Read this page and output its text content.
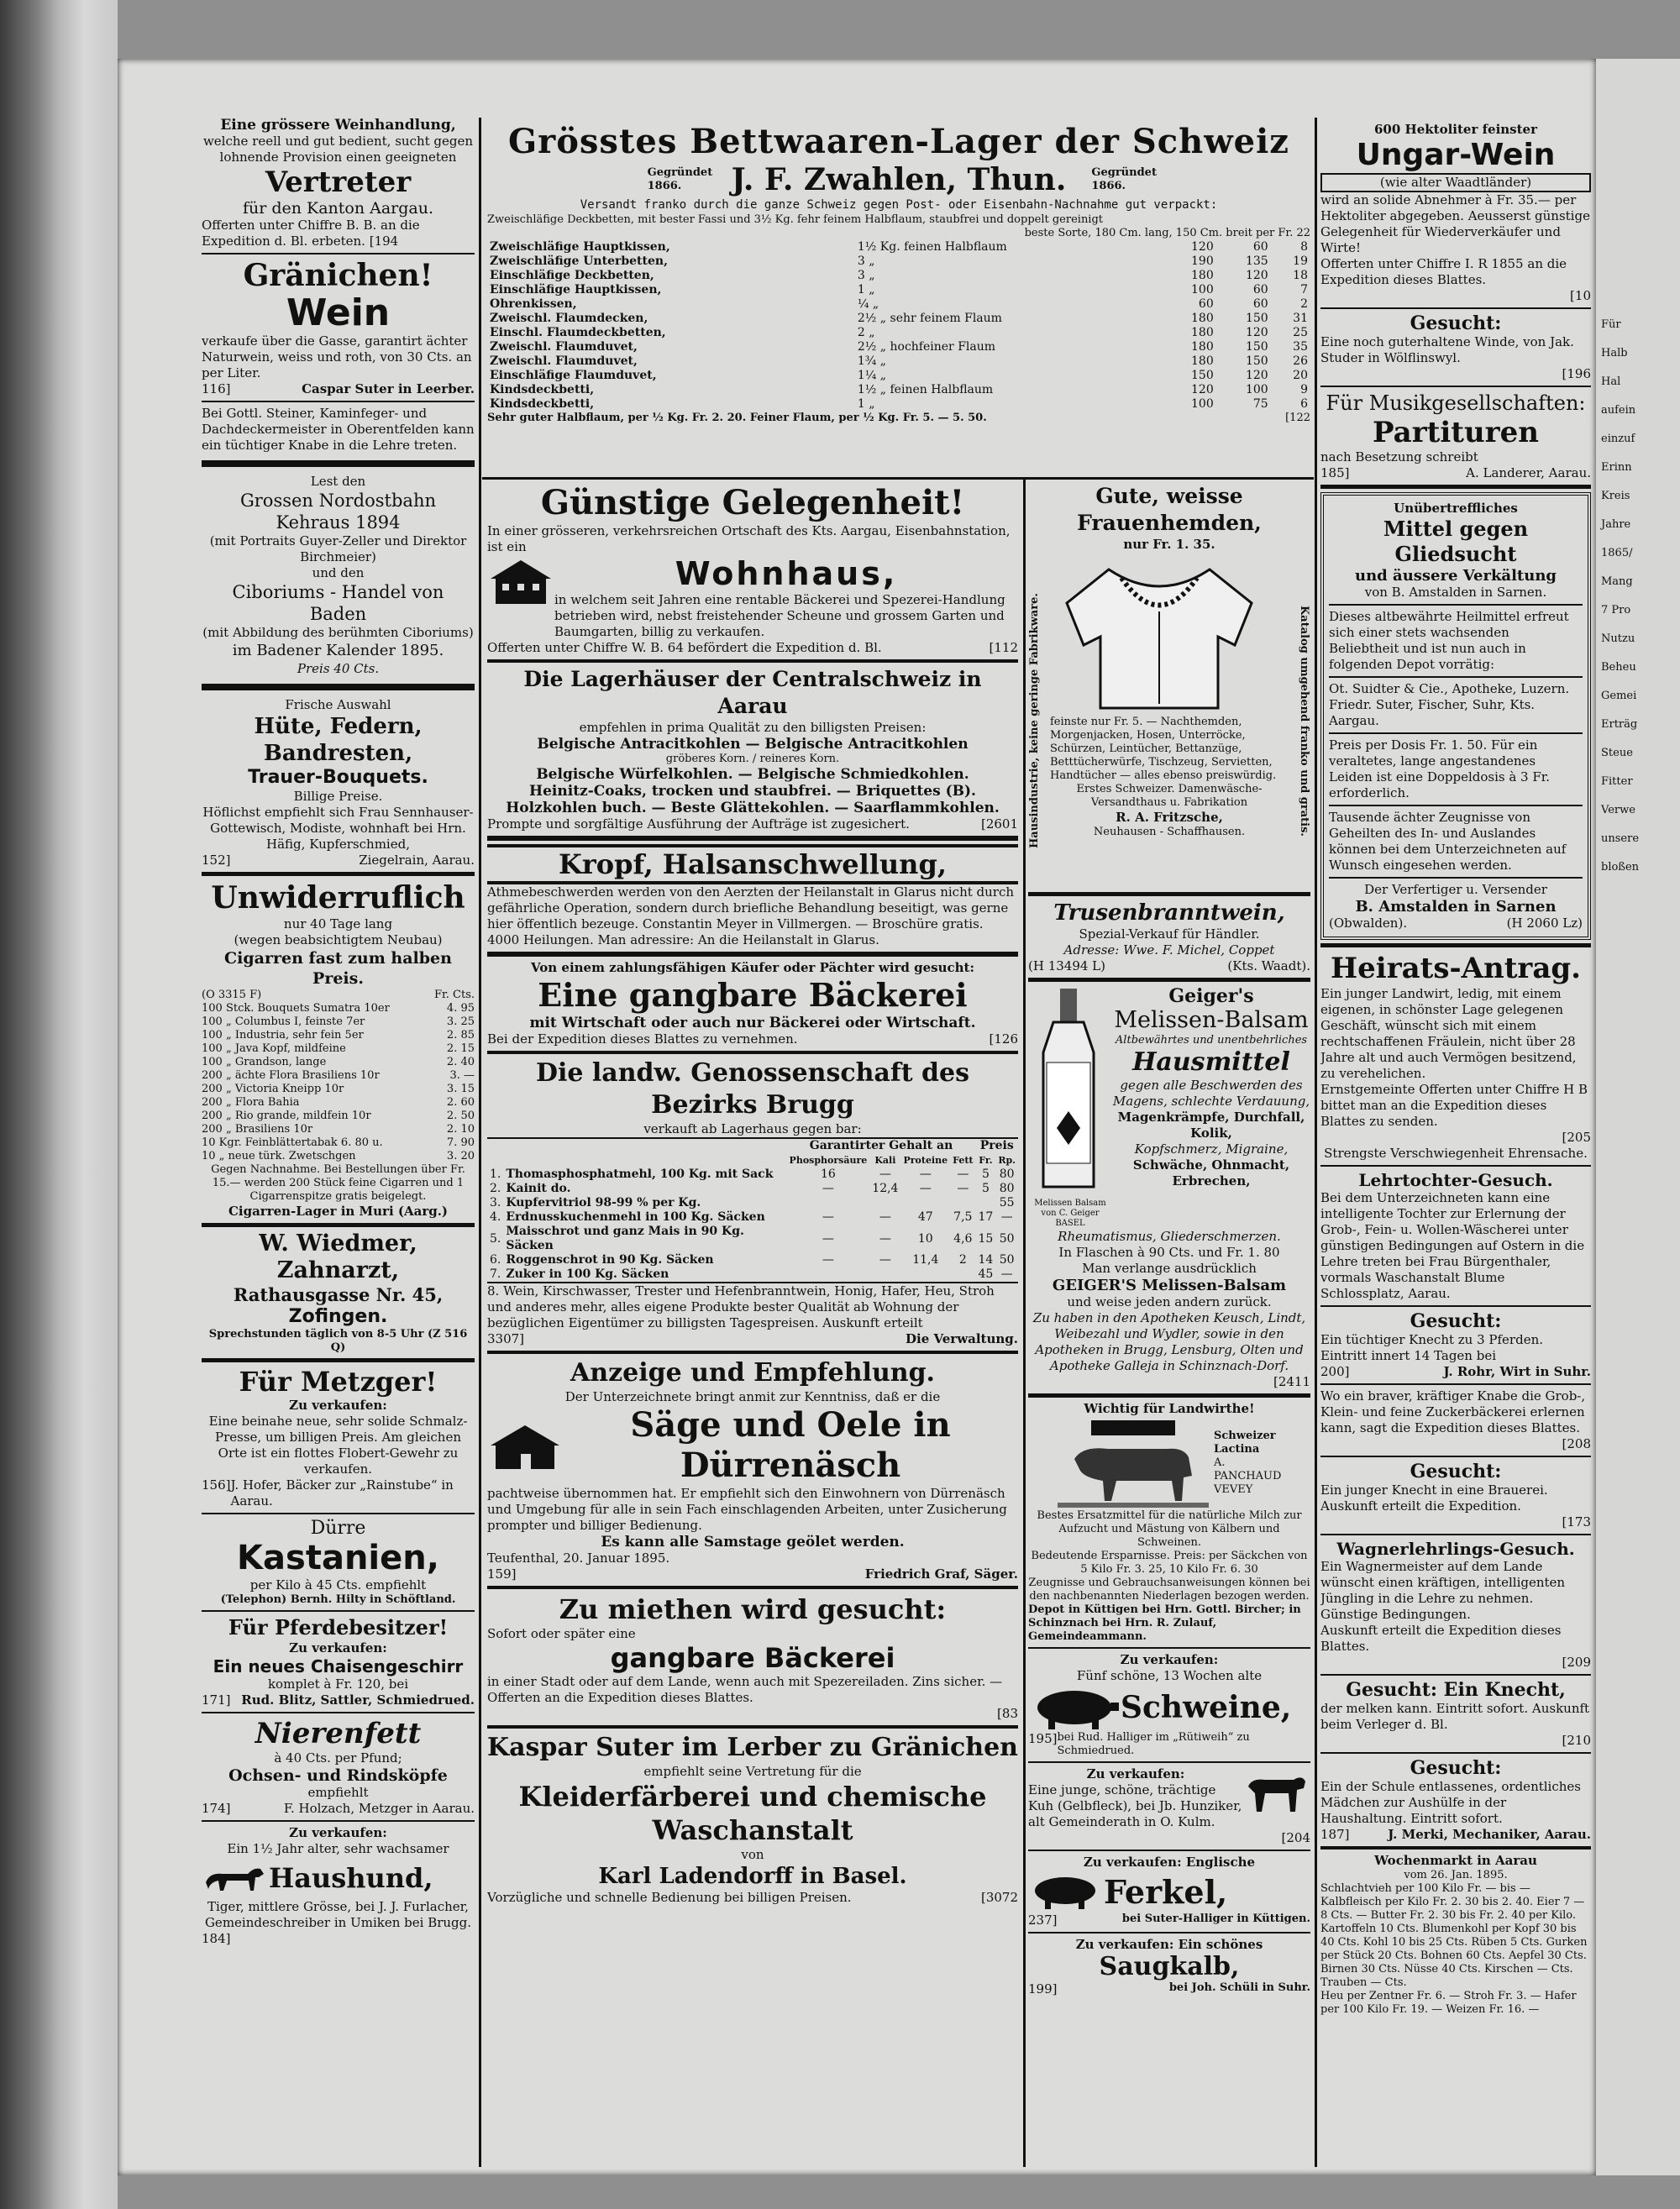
Für
Halb
Hal
aufein
einzuf
Erinn
Kreis
Jahre
1865/
Mang
7 Pro
Nutzu
Beheu
Gemei
Erträg
Steue
Fitter
Verwe
unsere
bloßen
Eine grössere Weinhandlung,
welche reell und gut bedient, sucht gegen lohnende Provision einen geeigneten
Vertreter
für den Kanton Aargau.
Offerten unter Chiffre B. B. an die Expedition d. Bl. erbeten. [194
Gränichen!
Wein
verkaufe über die Gasse, garantirt ächter Naturwein, weiss und roth, von 30 Cts. an per Liter.
116]	Caspar Suter in Leerber.
Bei Gottl. Steiner, Kaminfeger- und Dachdeckermeister in Oberentfelden kann ein tüchtiger Knabe in die Lehre treten.
Lest den
Grossen Nordostbahn Kehraus 1894
(mit Portraits Guyer-Zeller und Direktor Birchmeier)
und den
Ciboriums - Handel von Baden
(mit Abbildung des berühmten Ciboriums)
im Badener Kalender 1895.
Preis 40 Cts.
Frische Auswahl
Hüte, Federn, Bandresten,
Trauer-Bouquets.
Billige Preise.
Höflichst empfiehlt sich Frau Sennhauser-Gottewisch, Modiste, wohnhaft bei Hrn. Häfig, Kupferschmied,
152]	Ziegelrain, Aarau.
Unwiderruflich
nur 40 Tage lang
(wegen beabsichtigtem Neubau)
Cigarren fast zum halben Preis.
(O 3315 F)	Fr. Cts.
100 Stck. Bouquets Sumatra 10er	4. 95
100 „ Columbus I, feinste 7er	3. 25
100 „ Industria, sehr fein 5er	2. 85
100 „ Java Kopf, mildfeine	2. 15
100 „ Grandson, lange	2. 40
200 „ ächte Flora Brasiliens 10r	3. —
200 „ Victoria Kneipp 10r	3. 15
200 „ Flora Bahia	2. 60
200 „ Rio grande, mildfein 10r	2. 50
200 „ Brasiliens 10r	2. 10
10 Kgr. Feinblättertabak 6. 80 u.	7. 90
10 „ neue türk. Zwetschgen	3. 20
Gegen Nachnahme. Bei Bestellungen über Fr. 15.— werden 200 Stück feine Cigarren und 1 Cigarrenspitze gratis beigelegt.
Cigarren-Lager in Muri (Aarg.)
W. Wiedmer, Zahnarzt,
Rathausgasse Nr. 45,
Zofingen.
Sprechstunden täglich von 8-5 Uhr (Z 516 Q)
Für Metzger!
Zu verkaufen:
Eine beinahe neue, sehr solide Schmalz-Presse, um billigen Preis. Am gleichen Orte ist ein flottes Flobert-Gewehr zu verkaufen.
156] J. Hofer, Bäcker zur „Rainstube“ in Aarau.
Dürre
Kastanien,
per Kilo à 45 Cts. empfiehlt
(Telephon) Bernh. Hilty in Schöftland.
Für Pferdebesitzer!
Zu verkaufen:
Ein neues Chaisengeschirr
komplet à Fr. 120, bei
171] Rud. Blitz, Sattler, Schmiedrued.
Nierenfett
à 40 Cts. per Pfund;
Ochsen- und Rindsköpfe
empfiehlt
174]	F. Holzach, Metzger in Aarau.
Zu verkaufen:
Ein 1½ Jahr alter, sehr wachsamer
Haushund,
Tiger, mittlere Grösse, bei J. J. Furlacher, Gemeindeschreiber in Umiken bei Brugg.
184]
Grösstes Bettwaaren-Lager der Schweiz
Gegründet 1866.	J. F. Zwahlen, Thun. Gegründet 1866.
Versandt franko durch die ganze Schweiz gegen Post- oder Eisenbahn-Nachnahme gut verpackt:
Zweischläfige Deckbetten, mit bester Fassi und 3½ Kg. fehr feinem Halbflaum, staubfrei und doppelt gereinigt
beste Sorte, 180 Cm. lang, 150 Cm. breit per Fr. 22
Zweischläfige Hauptkissen,	1½ Kg. feinen Halbflaum	120	60	8
Zweischläfige Unterbetten,	3 „	190	135	19
Einschläfige Deckbetten,	3 „	180	120	18
Einschläfige Hauptkissen,	1 „	100	60	7
Ohrenkissen,	¼ „	60	60	2
Zweischl. Flaumdecken,	2½ „ sehr feinem Flaum	180	150	31
Einschl. Flaumdeckbetten,	2 „	180	120	25
Zweischl. Flaumduvet,	2½ „ hochfeiner Flaum	180	150	35
Zweischl. Flaumduvet,	1¾ „	180	150	26
Einschläfige Flaumduvet,	1¼ „	150	120	20
Kindsdeckbetti,	1½ „ feinen Halbflaum	120	100	9
Kindsdeckbetti,	1 „	100	75	6
Sehr guter Halbflaum, per ½ Kg. Fr. 2. 20. Feiner Flaum, per ½ Kg. Fr. 5. — 5. 50.	[122
Günstige Gelegenheit!
In einer grösseren, verkehrsreichen Ortschaft des Kts. Aargau, Eisenbahnstation, ist ein
Wohnhaus,
in welchem seit Jahren eine rentable Bäckerei und Spezerei-Handlung betrieben wird, nebst freistehender Scheune und grossem Garten und Baumgarten, billig zu verkaufen.
Offerten unter Chiffre W. B. 64 befördert die Expedition d. Bl.	[112
Die Lagerhäuser der Centralschweiz in Aarau
empfehlen in prima Qualität zu den billigsten Preisen:
Belgische Antracitkohlen — Belgische Antracitkohlen
gröberes Korn. / reineres Korn.
Belgische Würfelkohlen. — Belgische Schmiedkohlen.
Heinitz-Coaks, trocken und staubfrei. — Briquettes (B).
Holzkohlen buch. — Beste Glättekohlen. — Saarflammkohlen.
Prompte und sorgfältige Ausführung der Aufträge ist zugesichert.	[2601
Kropf, Halsanschwellung,
Athmebeschwerden werden von den Aerzten der Heilanstalt in Glarus nicht durch gefährliche Operation, sondern durch briefliche Behandlung beseitigt, was gerne hier öffentlich bezeuge. Constantin Meyer in Villmergen. — Broschüre gratis. 4000 Heilungen. Man adressire: An die Heilanstalt in Glarus.
Von einem zahlungsfähigen Käufer oder Pächter wird gesucht:
Eine gangbare Bäckerei
mit Wirtschaft oder auch nur Bäckerei oder Wirtschaft.
Bei der Expedition dieses Blattes zu vernehmen.	[126
Die landw. Genossenschaft des Bezirks Brugg
verkauft ab Lagerhaus gegen bar:
		Garantirter Gehalt an				Preis	
		Phosphorsäure	Kali	Proteine	Fett	Fr.	Rp.
1.	Thomasphosphatmehl, 100 Kg. mit Sack	16	—	—	—	5	80
2.	Kainit do.	—	12,4	—	—	5	80
3.	Kupfervitriol 98-99 % per Kg.						55
4.	Erdnusskuchenmehl in 100 Kg. Säcken	—	—	47	7,5	17	—
5.	Maisschrot und ganz Mais in 90 Kg. Säcken	—	—	10	4,6	15	50
6.	Roggenschrot in 90 Kg. Säcken	—	—	11,4	2	14	50
7.	Zuker in 100 Kg. Säcken					45	—
8. Wein, Kirschwasser, Trester und Hefenbranntwein, Honig, Hafer, Heu, Stroh und anderes mehr, alles eigene Produkte bester Qualität ab Wohnung der bezüglichen Eigentümer zu billigsten Tagespreisen. Auskunft erteilt
3307]	Die Verwaltung.
Anzeige und Empfehlung.
Der Unterzeichnete bringt anmit zur Kenntniss, daß er die
Säge und Oele in Dürrenäsch
pachtweise übernommen hat. Er empfiehlt sich den Einwohnern von Dürrenäsch und Umgebung für alle in sein Fach einschlagenden Arbeiten, unter Zusicherung prompter und billiger Bedienung.
Es kann alle Samstage geölet werden.
Teufenthal, 20. Januar 1895.
159]	Friedrich Graf, Säger.
Zu miethen wird gesucht:
Sofort oder später eine
gangbare Bäckerei
in einer Stadt oder auf dem Lande, wenn auch mit Spezereiladen. Zins sicher. — Offerten an die Expedition dieses Blattes.
[83
Kaspar Suter im Lerber zu Gränichen
empfiehlt seine Vertretung für die
Kleiderfärberei und chemische Waschanstalt
von
Karl Ladendorff in Basel.
Vorzügliche und schnelle Bedienung bei billigen Preisen.	[3072
Gute, weisse Frauenhemden,
nur Fr. 1. 35.
Hausindustrie, keine geringe Fabrikware. feinste nur Fr. 5. — Nachthemden, Morgenjacken, Hosen, Unterröcke, Schürzen, Leintücher, Bettanzüge, Betttücherwürfe, Tischzeug, Servietten, Handtücher — alles ebenso preiswürdig.
Erstes Schweizer. Damenwäsche-Versandthaus u. Fabrikation
R. A. Fritzsche,
Neuhausen - Schaffhausen.	Katalog umgehend franko und gratis.
Trusenbranntwein,
Spezial-Verkauf für Händler.
Adresse: Wwe. F. Michel, Coppet
(H 13494 L)	(Kts. Waadt).
Melissen Balsam von C. Geiger BASEL
Geiger's
Melissen-Balsam
Altbewährtes und unentbehrliches
Hausmittel
gegen alle Beschwerden des Magens, schlechte Verdauung,
Magenkrämpfe, Durchfall, Kolik,
Kopfschmerz, Migraine,
Schwäche, Ohnmacht,
Erbrechen,
Rheumatismus, Gliederschmerzen.
In Flaschen à 90 Cts. und Fr. 1. 80
Man verlange ausdrücklich
GEIGER'S Melissen-Balsam
und weise jeden andern zurück.
Zu haben in den Apotheken Keusch, Lindt, Weibezahl und Wydler, sowie in den Apotheken in Brugg, Lensburg, Olten und Apotheke Galleja in Schinznach-Dorf.
[2411
Wichtig für Landwirthe!
Schweizer Lactina
A. PANCHAUD VEVEY
Bestes Ersatzmittel für die natürliche Milch zur Aufzucht und Mästung von Kälbern und Schweinen.
Bedeutende Ersparnisse. Preis: per Säckchen von 5 Kilo Fr. 3. 25, 10 Kilo Fr. 6. 30
Zeugnisse und Gebrauchsanweisungen können bei den nachbenannten Niederlagen bezogen werden.
Depot in Küttigen bei Hrn. Gottl. Bircher; in Schinznach bei Hrn. R. Zulauf, Gemeindeammann.
Zu verkaufen:
Fünf schöne, 13 Wochen alte
Schweine,
195] bei Rud. Halliger im „Rütiweih“ zu Schmiedrued.
Zu verkaufen:
Eine junge, schöne, trächtige Kuh (Gelbfleck), bei Jb. Hunziker, alt Gemeinderath in O. Kulm.
[204
Zu verkaufen: Englische
Ferkel,
237]	bei Suter-Halliger in Küttigen.
Zu verkaufen: Ein schönes
Saugkalb,
199]	bei Joh. Schüli in Suhr.
600 Hektoliter feinster
Ungar-Wein
(wie alter Waadtländer)
wird an solide Abnehmer à Fr. 35.— per Hektoliter abgegeben. Aeusserst günstige Gelegenheit für Wiederverkäufer und Wirte!
Offerten unter Chiffre I. R 1855 an die Expedition dieses Blattes.
[10
Gesucht:
Eine noch guterhaltene Winde, von Jak. Studer in Wölflinswyl.
[196
Für Musikgesellschaften:
Partituren
nach Besetzung schreibt
185]	A. Landerer, Aarau.
Unübertreffliches
Mittel gegen Gliedsucht
und äussere Verkältung
von B. Amstalden in Sarnen.
Dieses altbewährte Heilmittel erfreut sich einer stets wachsenden Beliebtheit und ist nun auch in folgenden Depot vorrätig:
Ot. Suidter & Cie., Apotheke, Luzern. Friedr. Suter, Fischer, Suhr, Kts. Aargau.
Preis per Dosis Fr. 1. 50. Für ein veraltetes, lange angestandenes Leiden ist eine Doppeldosis à 3 Fr. erforderlich.
Tausende ächter Zeugnisse von Geheilten des In- und Auslandes können bei dem Unterzeichneten auf Wunsch eingesehen werden.
Der Verfertiger u. Versender
B. Amstalden in Sarnen
(Obwalden).	(H 2060 Lz)
Heirats-Antrag.
Ein junger Landwirt, ledig, mit einem eigenen, in schönster Lage gelegenen Geschäft, wünscht sich mit einem rechtschaffenen Fräulein, nicht über 28 Jahre alt und auch Vermögen besitzend, zu verehelichen.
Ernstgemeinte Offerten unter Chiffre H B bittet man an die Expedition dieses Blattes zu senden.
[205
Strengste Verschwiegenheit Ehrensache.
Lehrtochter-Gesuch.
Bei dem Unterzeichneten kann eine intelligente Tochter zur Erlernung der Grob-, Fein- u. Wollen-Wäscherei unter günstigen Bedingungen auf Ostern in die Lehre treten bei Frau Bürgenthaler, vormals Waschanstalt Blume Schlossplatz, Aarau.
Gesucht:
Ein tüchtiger Knecht zu 3 Pferden. Eintritt innert 14 Tagen bei
200]	J. Rohr, Wirt in Suhr.
Wo ein braver, kräftiger Knabe die Grob-, Klein- und feine Zuckerbäckerei erlernen kann, sagt die Expedition dieses Blattes.
[208
Gesucht:
Ein junger Knecht in eine Brauerei. Auskunft erteilt die Expedition.
[173
Wagnerlehrlings-Gesuch.
Ein Wagnermeister auf dem Lande wünscht einen kräftigen, intelligenten Jüngling in die Lehre zu nehmen. Günstige Bedingungen.
Auskunft erteilt die Expedition dieses Blattes.
[209
Gesucht: Ein Knecht,
der melken kann. Eintritt sofort. Auskunft beim Verleger d. Bl.
[210
Gesucht:
Ein der Schule entlassenes, ordentliches Mädchen zur Aushülfe in der Haushaltung. Eintritt sofort.
187]	J. Merki, Mechaniker, Aarau.
Wochenmarkt in Aarau
vom 26. Jan. 1895.
Schlachtvieh per 100 Kilo Fr. — bis — Kalbfleisch per Kilo Fr. 2. 30 bis 2. 40. Eier 7 — 8 Cts. — Butter Fr. 2. 30 bis Fr. 2. 40 per Kilo. Kartoffeln 10 Cts. Blumenkohl per Kopf 30 bis 40 Cts. Kohl 10 bis 25 Cts. Rüben 5 Cts. Gurken per Stück 20 Cts. Bohnen 60 Cts. Aepfel 30 Cts. Birnen 30 Cts. Nüsse 40 Cts. Kirschen — Cts. Trauben — Cts.
Heu per Zentner Fr. 6. — Stroh Fr. 3. — Hafer per 100 Kilo Fr. 19. — Weizen Fr. 16. —
